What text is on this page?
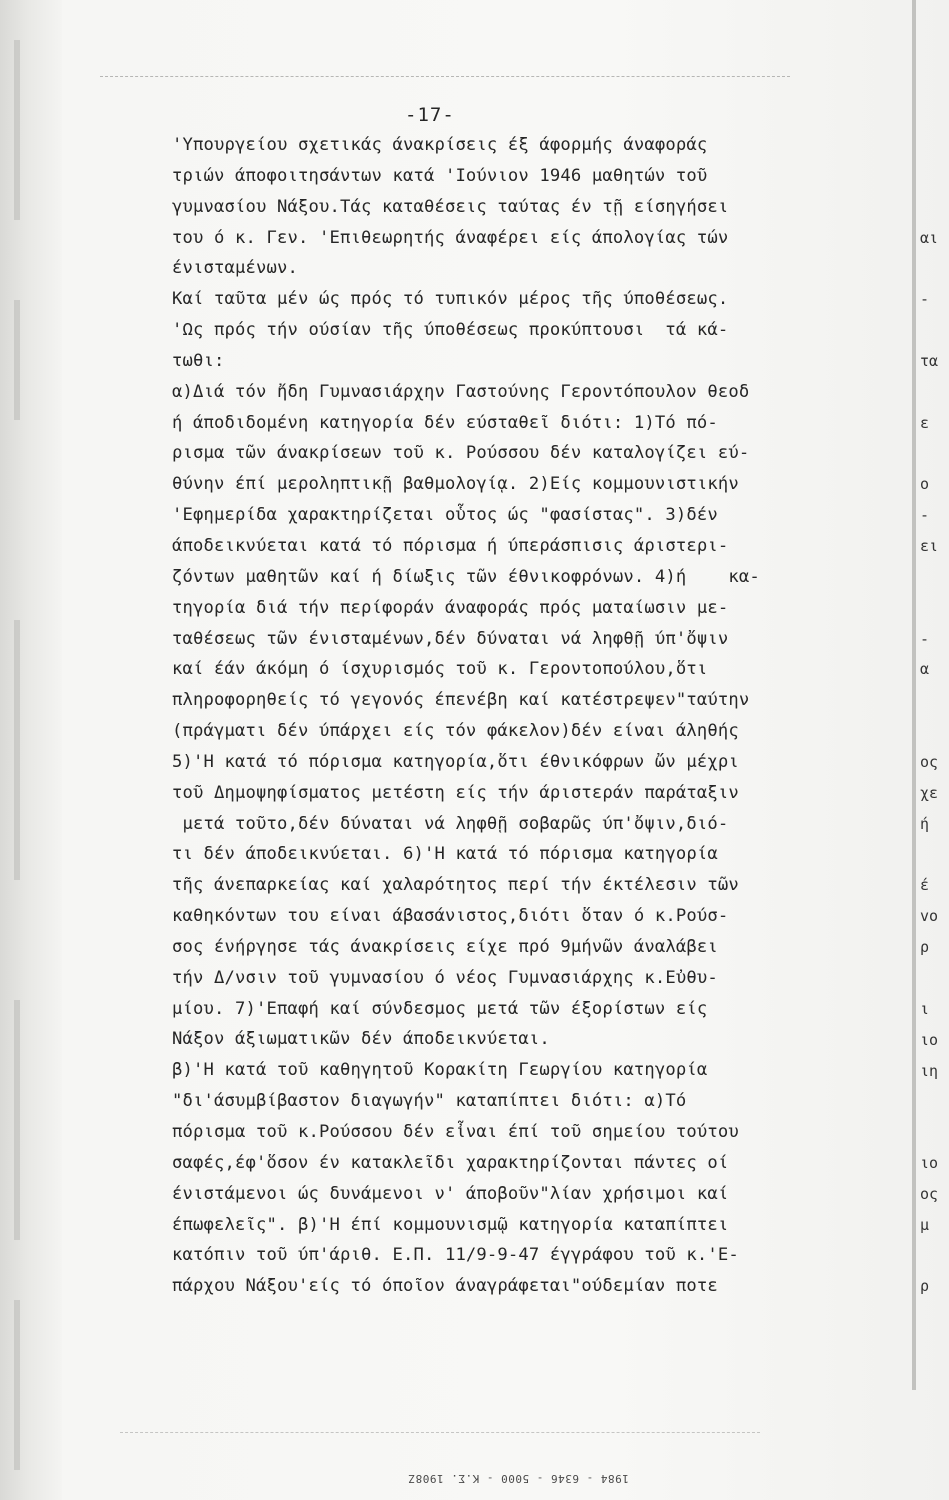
-17-
'Υπουργείου σχετικάς άνακρίσεις έξ άφορμής άναφοράς
τριών άποφοιτησάντων κατά 'Ιούνιον 1946 μαθητών τοῦ
γυμνασίου Νάξου.Τάς καταθέσεις ταύτας έν τῇ είσηγήσει
του ό κ. Γεν. 'Επιθεωρητής άναφέρει είς άπολογίας τών
ένισταμένων.
Καί ταῦτα μέν ώς πρός τό τυπικόν μέρος τῆς ύποθέσεως.
'Ως πρός τήν ούσίαν τῆς ύποθέσεως προκύπτουσι  τά κά-
τωθι:
α)Διά τόν ἤδη Γυμνασιάρχην Γαστούνης Γεροντόπουλον θεοδ
ή άποδιδομένη κατηγορία δέν εύσταθεῖ διότι: 1)Τό πό-
ρισμα τῶν άνακρίσεων τοῦ κ. Ρούσσου δέν καταλογίζει εύ-
θύνην έπί μεροληπτικῇ βαθμολογίᾳ. 2)Είς κομμουνιστικήν
'Εφημερίδα χαρακτηρίζεται οὗτος ώς "φασίστας". 3)δέν
άποδεικνύεται κατά τό πόρισμα ή ύπεράσπισις άριστερι-
ζόντων μαθητῶν καί ή δίωξις τῶν έθνικοφρόνων. 4)ή    κα-
τηγορία διά τήν περίφοράν άναφοράς πρός ματαίωσιν με-
ταθέσεως τῶν ένισταμένων,δέν δύναται νά ληφθῇ ύπ'ὄψιν
καί έάν άκόμη ό ίσχυρισμός τοῦ κ. Γεροντοπούλου,ὅτι
πληροφορηθείς τό γεγονός έπενέβη καί κατέστρεψεν"ταύτην
(πράγματι δέν ύπάρχει είς τόν φάκελον)δέν είναι άληθής
5)'Η κατά τό πόρισμα κατηγορία,ὅτι έθνικόφρων ὤν μέχρι
τοῦ Δημοψηφίσματος μετέστη είς τήν άριστεράν παράταξιν
μετά τοῦτο,δέν δύναται νά ληφθῇ σοβαρῶς ύπ'ὄψιν,διό-
τι δέν άποδεικνύεται. 6)'Η κατά τό πόρισμα κατηγορία
τῆς άνεπαρκείας καί χαλαρότητος περί τήν έκτέλεσιν τῶν
καθηκόντων του είναι άβασάνιστος,διότι ὅταν ό κ.Ρούσ-
σος ένήργησε τάς άνακρίσεις είχε πρό 9μήνῶν άναλάβει
τήν Δ/νσιν τοῦ γυμνασίου ό νέος Γυμνασιάρχης κ.Εὐθυ-
μίου. 7)'Επαφή καί σύνδεσμος μετά τῶν έξορίστων είς
Νάξον άξιωματικῶν δέν άποδεικνύεται.
β)'Η κατά τοῦ καθηγητοῦ Κορακίτη Γεωργίου κατηγορία
"δι'άσυμβίβαστον διαγωγήν" καταπίπτει διότι: α)Τό
πόρισμα τοῦ κ.Ρούσσου δέν εἶναι έπί τοῦ σημείου τούτου
σαφές,έφ'ὅσον έν κατακλεῖδι χαρακτηρίζονται πάντες οί
ένιστάμενοι ώς δυνάμενοι ν' άποβοῦν"λίαν χρήσιμοι καί
έπωφελεῖς". β)'Η έπί κομμουνισμῷ κατηγορία καταπίπτει
κατόπιν τοῦ ύπ'άριθ. Ε.Π. 11/9-9-47 έγγράφου τοῦ κ.'Ε-
πάρχου Νάξου'είς τό όποῖον άναγράφεται"ούδεμίαν ποτε
αι
-
τα
ε
ο
-
ει
-
α
ος
χε
ή
έ
vo
ρ
ι
ιο
ιη
ιο
ος
μ
ρ
1984 - 6346 - 5000 - Κ.Σ. 1908Ζ
